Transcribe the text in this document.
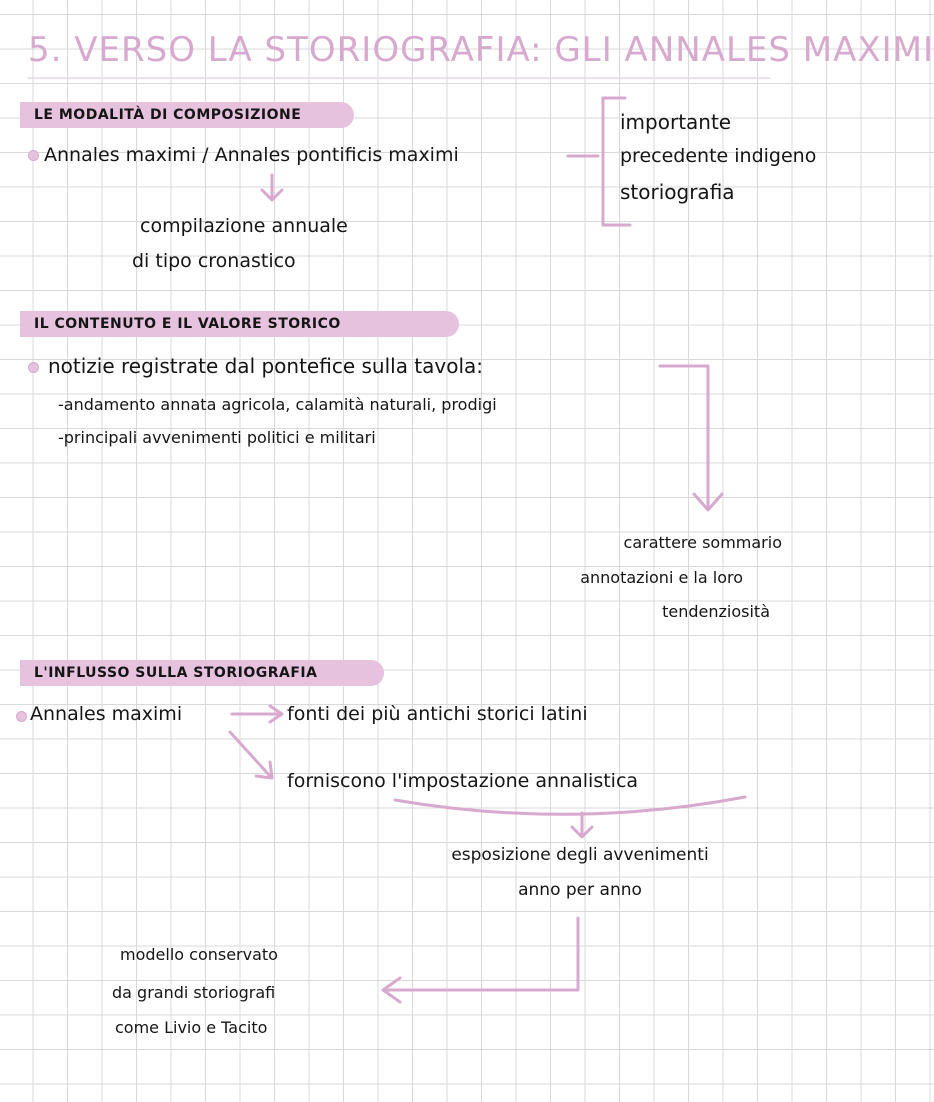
5. VERSO LA STORIOGRAFIA: GLI ANNALES MAXIMI
LE MODALITÀ DI COMPOSIZIONE
Annales maximi / Annales pontificis maximi
importante
precedente indigeno
storiografia
compilazione annuale
di tipo cronastico
IL CONTENUTO E IL VALORE STORICO
notizie registrate dal pontefice sulla tavola:
-andamento annata agricola, calamità naturali, prodigi
-principali avvenimenti politici e militari
carattere sommario
annotazioni e la loro
tendenziosità
L'INFLUSSO SULLA STORIOGRAFIA
Annales maximi	fonti dei più antichi storici latini
forniscono l'impostazione annalistica
esposizione degli avvenimenti
anno per anno
modello conservato
da grandi storiografi
come Livio e Tacito
